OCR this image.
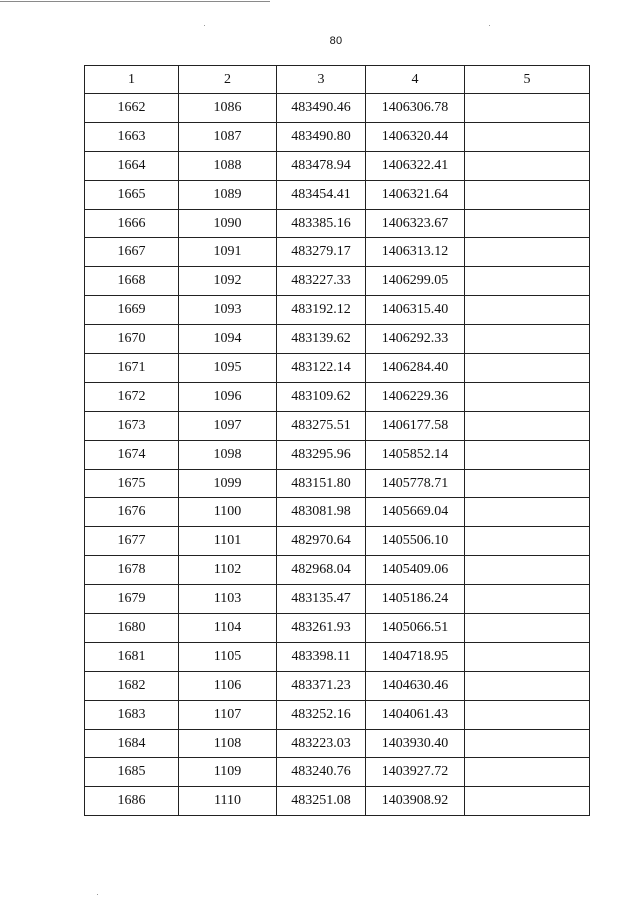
80
1	2	3	4	5
1662	1086	483490.46	1406306.78	
1663	1087	483490.80	1406320.44	
1664	1088	483478.94	1406322.41	
1665	1089	483454.41	1406321.64	
1666	1090	483385.16	1406323.67	
1667	1091	483279.17	1406313.12	
1668	1092	483227.33	1406299.05	
1669	1093	483192.12	1406315.40	
1670	1094	483139.62	1406292.33	
1671	1095	483122.14	1406284.40	
1672	1096	483109.62	1406229.36	
1673	1097	483275.51	1406177.58	
1674	1098	483295.96	1405852.14	
1675	1099	483151.80	1405778.71	
1676	1100	483081.98	1405669.04	
1677	1101	482970.64	1405506.10	
1678	1102	482968.04	1405409.06	
1679	1103	483135.47	1405186.24	
1680	1104	483261.93	1405066.51	
1681	1105	483398.11	1404718.95	
1682	1106	483371.23	1404630.46	
1683	1107	483252.16	1404061.43	
1684	1108	483223.03	1403930.40	
1685	1109	483240.76	1403927.72	
1686	1110	483251.08	1403908.92	
